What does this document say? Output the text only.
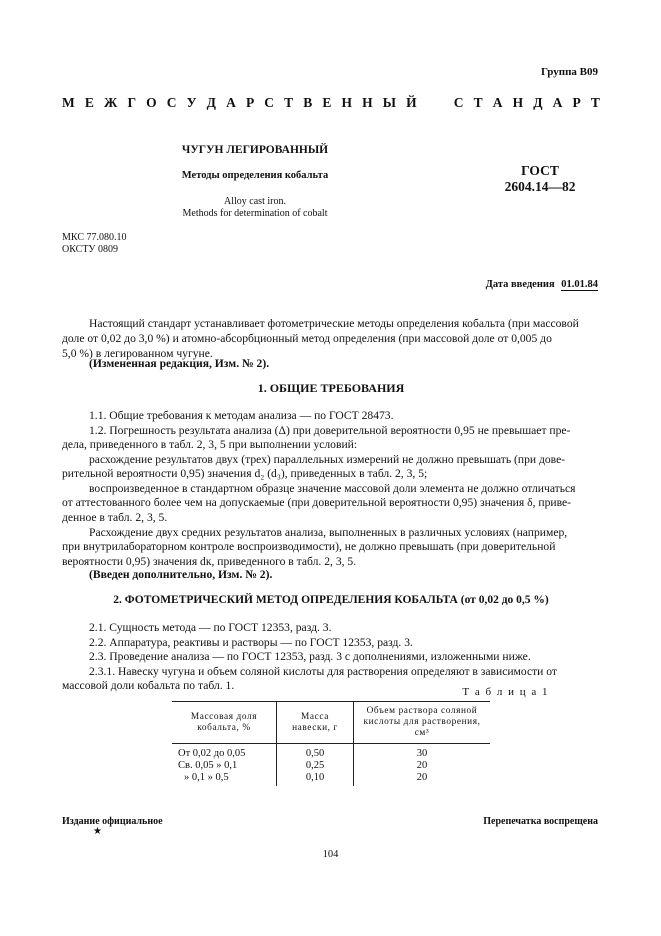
Группа В09
М Е Ж Г О С У Д А Р С Т В Е Н Н Ы Й

	С Т А Н Д А Р Т
ЧУГУН ЛЕГИРОВАННЫЙ
Методы определения кобальта
Alloy cast iron.
Methods for determination of cobalt
ГОСТ
2604.14—82
МКС 77.080.10
ОКСТУ 0809
Дата введения 01.01.84
Настоящий стандарт устанавливает фотометрические методы определения кобальта (при массовой
доле от 0,02 до 3,0 %) и атомно-абсорбционный метод определения (при массовой доле от 0,005 до
5,0 %) в легированном чугуне.
(Измененная редакция, Изм. № 2).
1. ОБЩИЕ ТРЕБОВАНИЯ
1.1. Общие требования к методам анализа — по ГОСТ 28473.
1.2. Погрешность результата анализа (Δ) при доверительной вероятности 0,95 не превышает пре-
дела, приведенного в табл. 2, 3, 5 при выполнении условий:
расхождение результатов двух (трех) параллельных измерений не должно превышать (при дове-
рительной вероятности 0,95) значения d₂ (d₃), приведенных в табл. 2, 3, 5;
воспроизведенное в стандартном образце значение массовой доли элемента не должно отличаться
от аттестованного более чем на допускаемые (при доверительной вероятности 0,95) значения δ, приве-
денное в табл. 2, 3, 5.
Расхождение двух средних результатов анализа, выполненных в различных условиях (например,
при внутрилабораторном контроле воспроизводимости), не должно превышать (при доверительной
вероятности 0,95) значения dк, приведенного в табл. 2, 3, 5.
(Введен дополнительно, Изм. № 2).
2. ФОТОМЕТРИЧЕСКИЙ МЕТОД ОПРЕДЕЛЕНИЯ КОБАЛЬТА (от 0,02 до 0,5 %)
2.1. Сущность метода — по ГОСТ 12353, разд. 3.
2.2. Аппаратура, реактивы и растворы — по ГОСТ 12353, разд. 3.
2.3. Проведение анализа — по ГОСТ 12353, разд. 3 с дополнениями, изложенными ниже.
2.3.1. Навеску чугуна и объем соляной кислоты для растворения определяют в зависимости от
массовой доли кобальта по табл. 1.	Т а б л и ц а 1
Массовая доля кобальта, %	Масса навески, г	Объем раствора соляной кислоты для растворения, см³
От 0,02 до 0,05	0,50	30
Св. 0,05 » 0,1	0,25	20
» 0,1 » 0,5	0,10	20
Издание официальное
★
Перепечатка воспрещена
104
